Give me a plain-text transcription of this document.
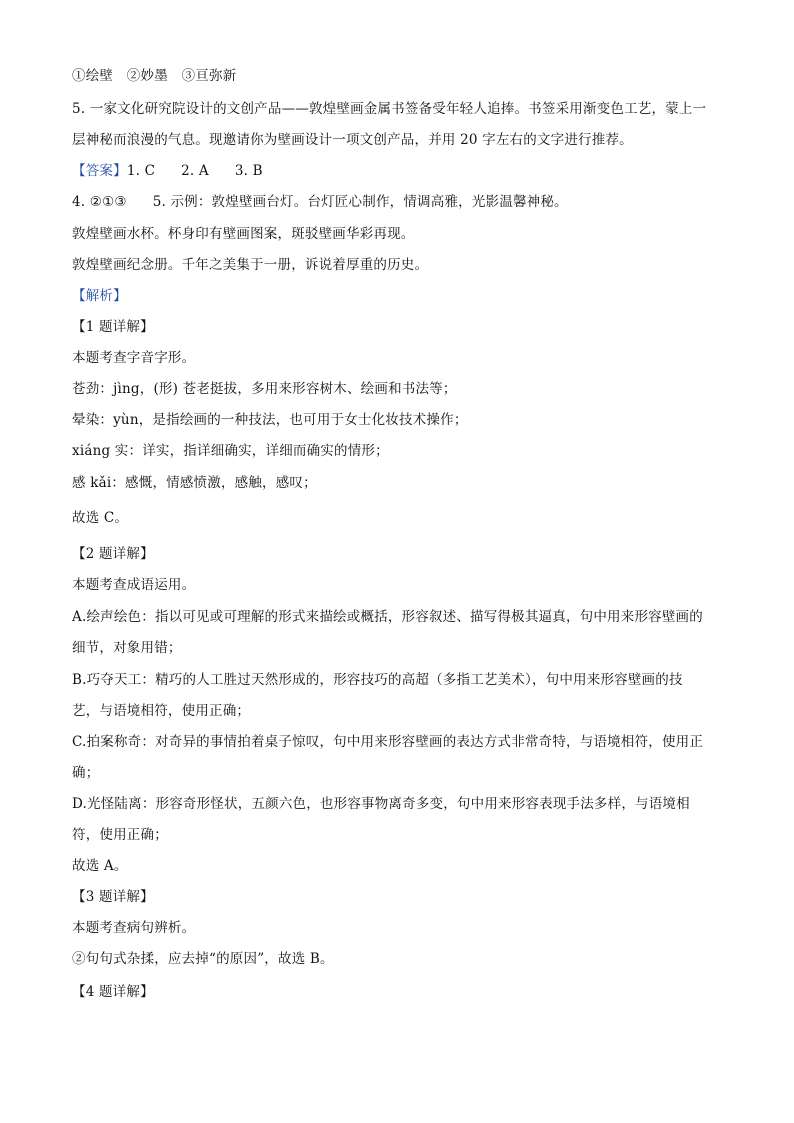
①绘壁　②妙墨　③亘弥新
5. 一家文化研究院设计的文创产品——敦煌壁画金属书签备受年轻人追捧。书签采用渐变色工艺，蒙上一
层神秘而浪漫的气息。现邀请你为壁画设计一项文创产品，并用 20 字左右的文字进行推荐。
【答案】1. C 2. A 3. B
4. ②①③ 5. 示例：敦煌壁画台灯。台灯匠心制作，情调高雅，光影温馨神秘。
敦煌壁画水杯。杯身印有壁画图案，斑驳壁画华彩再现。
敦煌壁画纪念册。千年之美集于一册，诉说着厚重的历史。
【解析】
【1 题详解】
本题考查字音字形。
苍劲：jìng，(形) 苍老挺拔，多用来形容树木、绘画和书法等；
晕染：yùn，是指绘画的一种技法，也可用于女士化妆技术操作；
xiáng 实：详实，指详细确实，详细而确实的情形；
感 kǎi：感慨，情感愤激，感触，感叹；
故选 C。
【2 题详解】
本题考查成语运用。
A.绘声绘色：指以可见或可理解的形式来描绘或概括，形容叙述、描写得极其逼真，句中用来形容壁画的
细节，对象用错；
B.巧夺天工：精巧的人工胜过天然形成的，形容技巧的高超（多指工艺美术），句中用来形容壁画的技
艺，与语境相符，使用正确；
C.拍案称奇：对奇异的事情拍着桌子惊叹，句中用来形容壁画的表达方式非常奇特，与语境相符，使用正
确；
D.光怪陆离：形容奇形怪状，五颜六色，也形容事物离奇多变，句中用来形容表现手法多样，与语境相
符，使用正确；
故选 A。
【3 题详解】
本题考查病句辨析。
②句句式杂揉，应去掉“的原因”，故选 B。
【4 题详解】
